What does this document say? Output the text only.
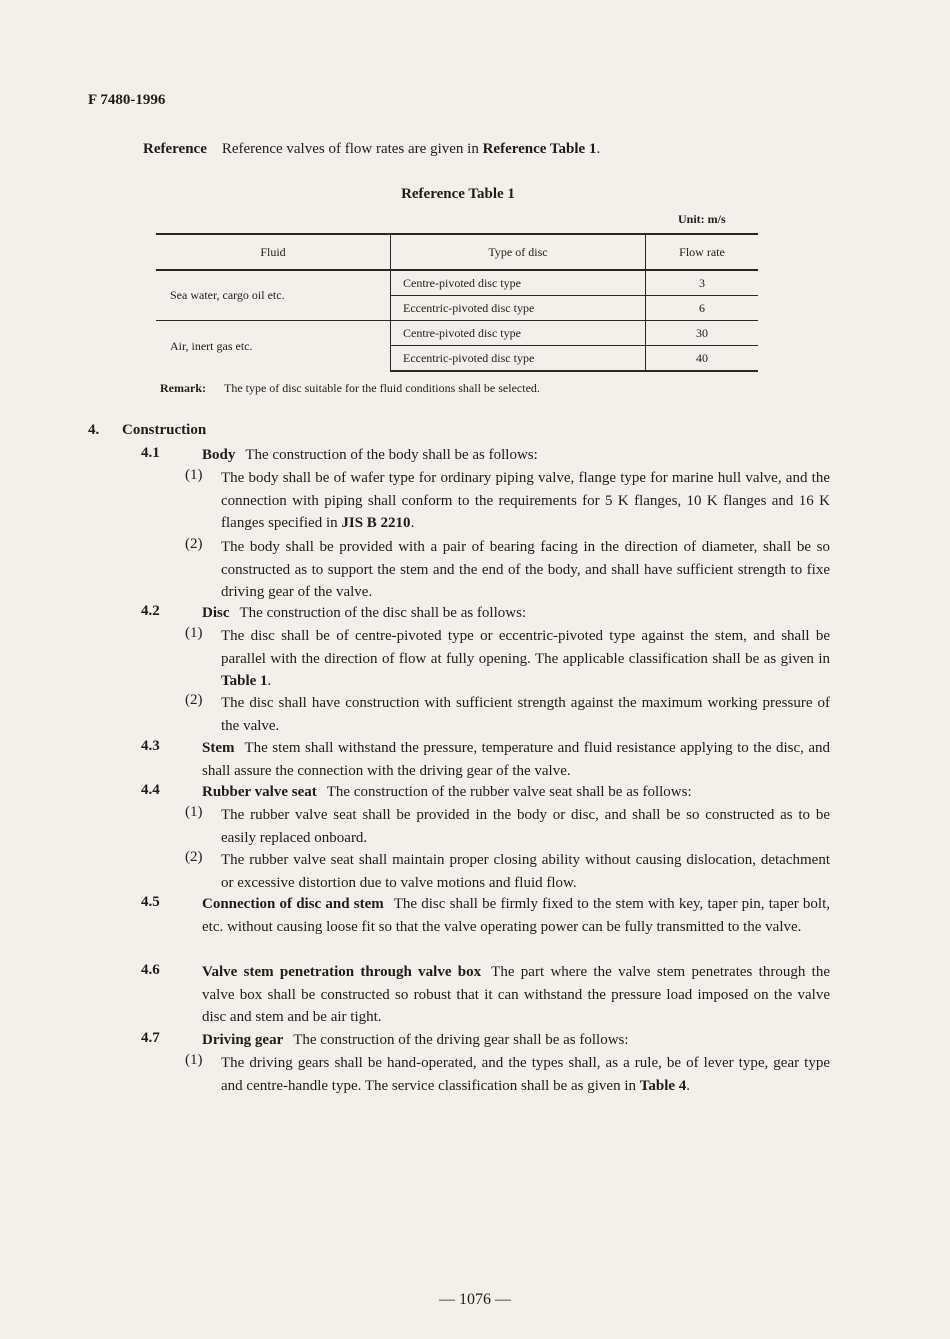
F 7480-1996
Reference Reference valves of flow rates are given in Reference Table 1.
Reference Table 1
Unit: m/s
Fluid	Type of disc	Flow rate
Sea water, cargo oil etc.	Centre-pivoted disc type	3
	Eccentric-pivoted disc type	6
Air, inert gas etc.	Centre-pivoted disc type	30
	Eccentric-pivoted disc type	40
Remark: The type of disc suitable for the fluid conditions shall be selected.
4. Construction
4.1	Body The construction of the body shall be as follows:
(1) The body shall be of wafer type for ordinary piping valve, flange type for marine hull valve, and the connection with piping shall conform to the requirements for 5 K flanges, 10 K flanges and 16 K flanges specified in JIS B 2210.
(2) The body shall be provided with a pair of bearing facing in the direction of diameter, shall be so constructed as to support the stem and the end of the body, and shall have sufficient strength to fixe driving gear of the valve.
4.2	Disc The construction of the disc shall be as follows:
(1) The disc shall be of centre-pivoted type or eccentric-pivoted type against the stem, and shall be parallel with the direction of flow at fully opening. The applicable classification shall be as given in Table 1.
(2) The disc shall have construction with sufficient strength against the maximum working pressure of the valve.
4.3	Stem The stem shall withstand the pressure, temperature and fluid resistance applying to the disc, and shall assure the connection with the driving gear of the valve.
4.4	Rubber valve seat The construction of the rubber valve seat shall be as follows:
(1) The rubber valve seat shall be provided in the body or disc, and shall be so constructed as to be easily replaced onboard.
(2) The rubber valve seat shall maintain proper closing ability without causing dislocation, detachment or excessive distortion due to valve motions and fluid flow.
4.5	Connection of disc and stem The disc shall be firmly fixed to the stem with key, taper pin, taper bolt, etc. without causing loose fit so that the valve operating power can be fully transmitted to the valve.
4.6	Valve stem penetration through valve box The part where the valve stem penetrates through the valve box shall be constructed so robust that it can withstand the pressure load imposed on the valve disc and stem and be air tight.
4.7	Driving gear The construction of the driving gear shall be as follows:
(1) The driving gears shall be hand-operated, and the types shall, as a rule, be of lever type, gear type and centre-handle type. The service classification shall be as given in Table 4.
— 1076 —
